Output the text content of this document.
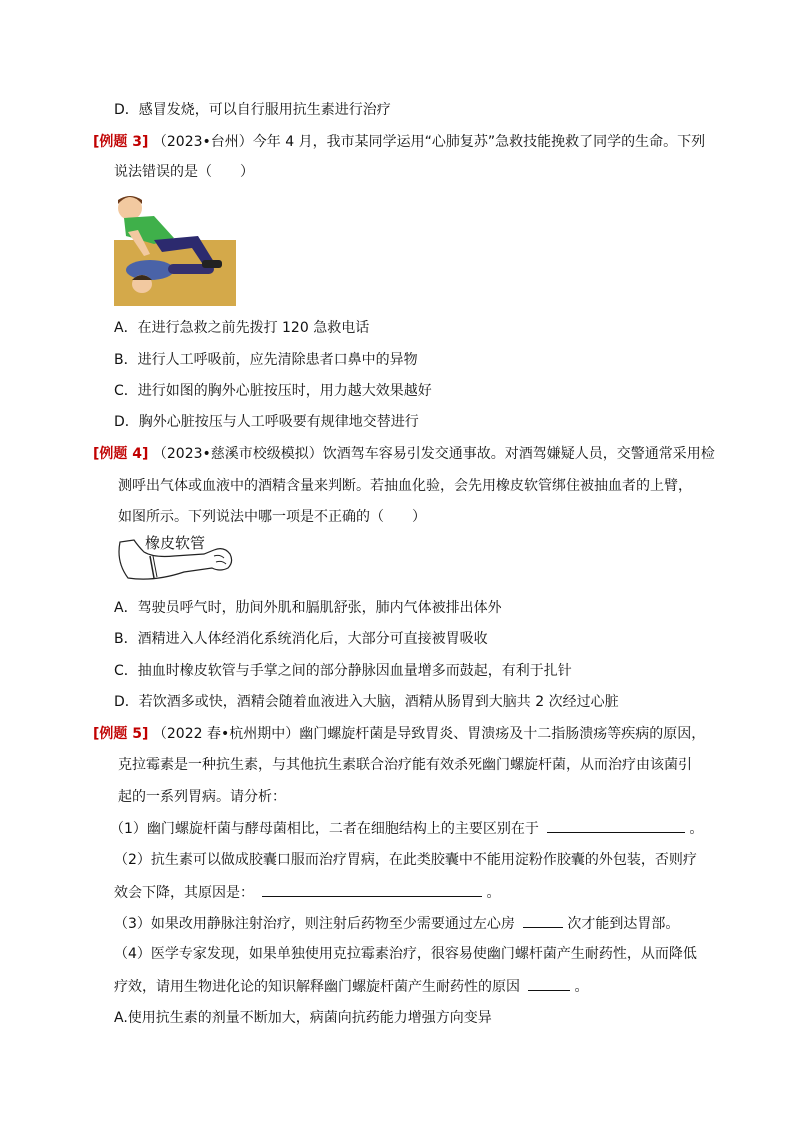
D．感冒发烧，可以自行服用抗生素进行治疗
[例题 3] （2023•台州）今年 4 月，我市某同学运用“心肺复苏”急救技能挽救了同学的生命。下列
说法错误的是（　　）
A．在进行急救之前先拨打 120 急救电话
B．进行人工呼吸前，应先清除患者口鼻中的异物
C．进行如图的胸外心脏按压时，用力越大效果越好
D．胸外心脏按压与人工呼吸要有规律地交替进行
[例题 4] （2023•慈溪市校级模拟）饮酒驾车容易引发交通事故。对酒驾嫌疑人员，交警通常采用检
测呼出气体或血液中的酒精含量来判断。若抽血化验，会先用橡皮软管绑住被抽血者的上臂，
如图所示。下列说法中哪一项是不正确的（　　）
橡皮软管
A．驾驶员呼气时，肋间外肌和膈肌舒张，肺内气体被排出体外
B．酒精进入人体经消化系统消化后，大部分可直接被胃吸收
C．抽血时橡皮软管与手掌之间的部分静脉因血量增多而鼓起，有利于扎针
D．若饮酒多或快，酒精会随着血液进入大脑，酒精从肠胃到大脑共 2 次经过心脏
[例题 5] （2022 春•杭州期中）幽门螺旋杆菌是导致胃炎、胃溃疡及十二指肠溃疡等疾病的原因，
克拉霉素是一种抗生素，与其他抗生素联合治疗能有效杀死幽门螺旋杆菌，从而治疗由该菌引
起的一系列胃病。请分析：
（1）幽门螺旋杆菌与酵母菌相比，二者在细胞结构上的主要区别在于	。
（2）抗生素可以做成胶囊口服而治疗胃病，在此类胶囊中不能用淀粉作胶囊的外包装，否则疗
效会下降，其原因是：	。
（3）如果改用静脉注射治疗，则注射后药物至少需要通过左心房	次才能到达胃部。
（4）医学专家发现，如果单独使用克拉霉素治疗，很容易使幽门螺杆菌产生耐药性，从而降低
疗效，请用生物进化论的知识解释幽门螺旋杆菌产生耐药性的原因	。
A.使用抗生素的剂量不断加大，病菌向抗药能力增强方向变异
